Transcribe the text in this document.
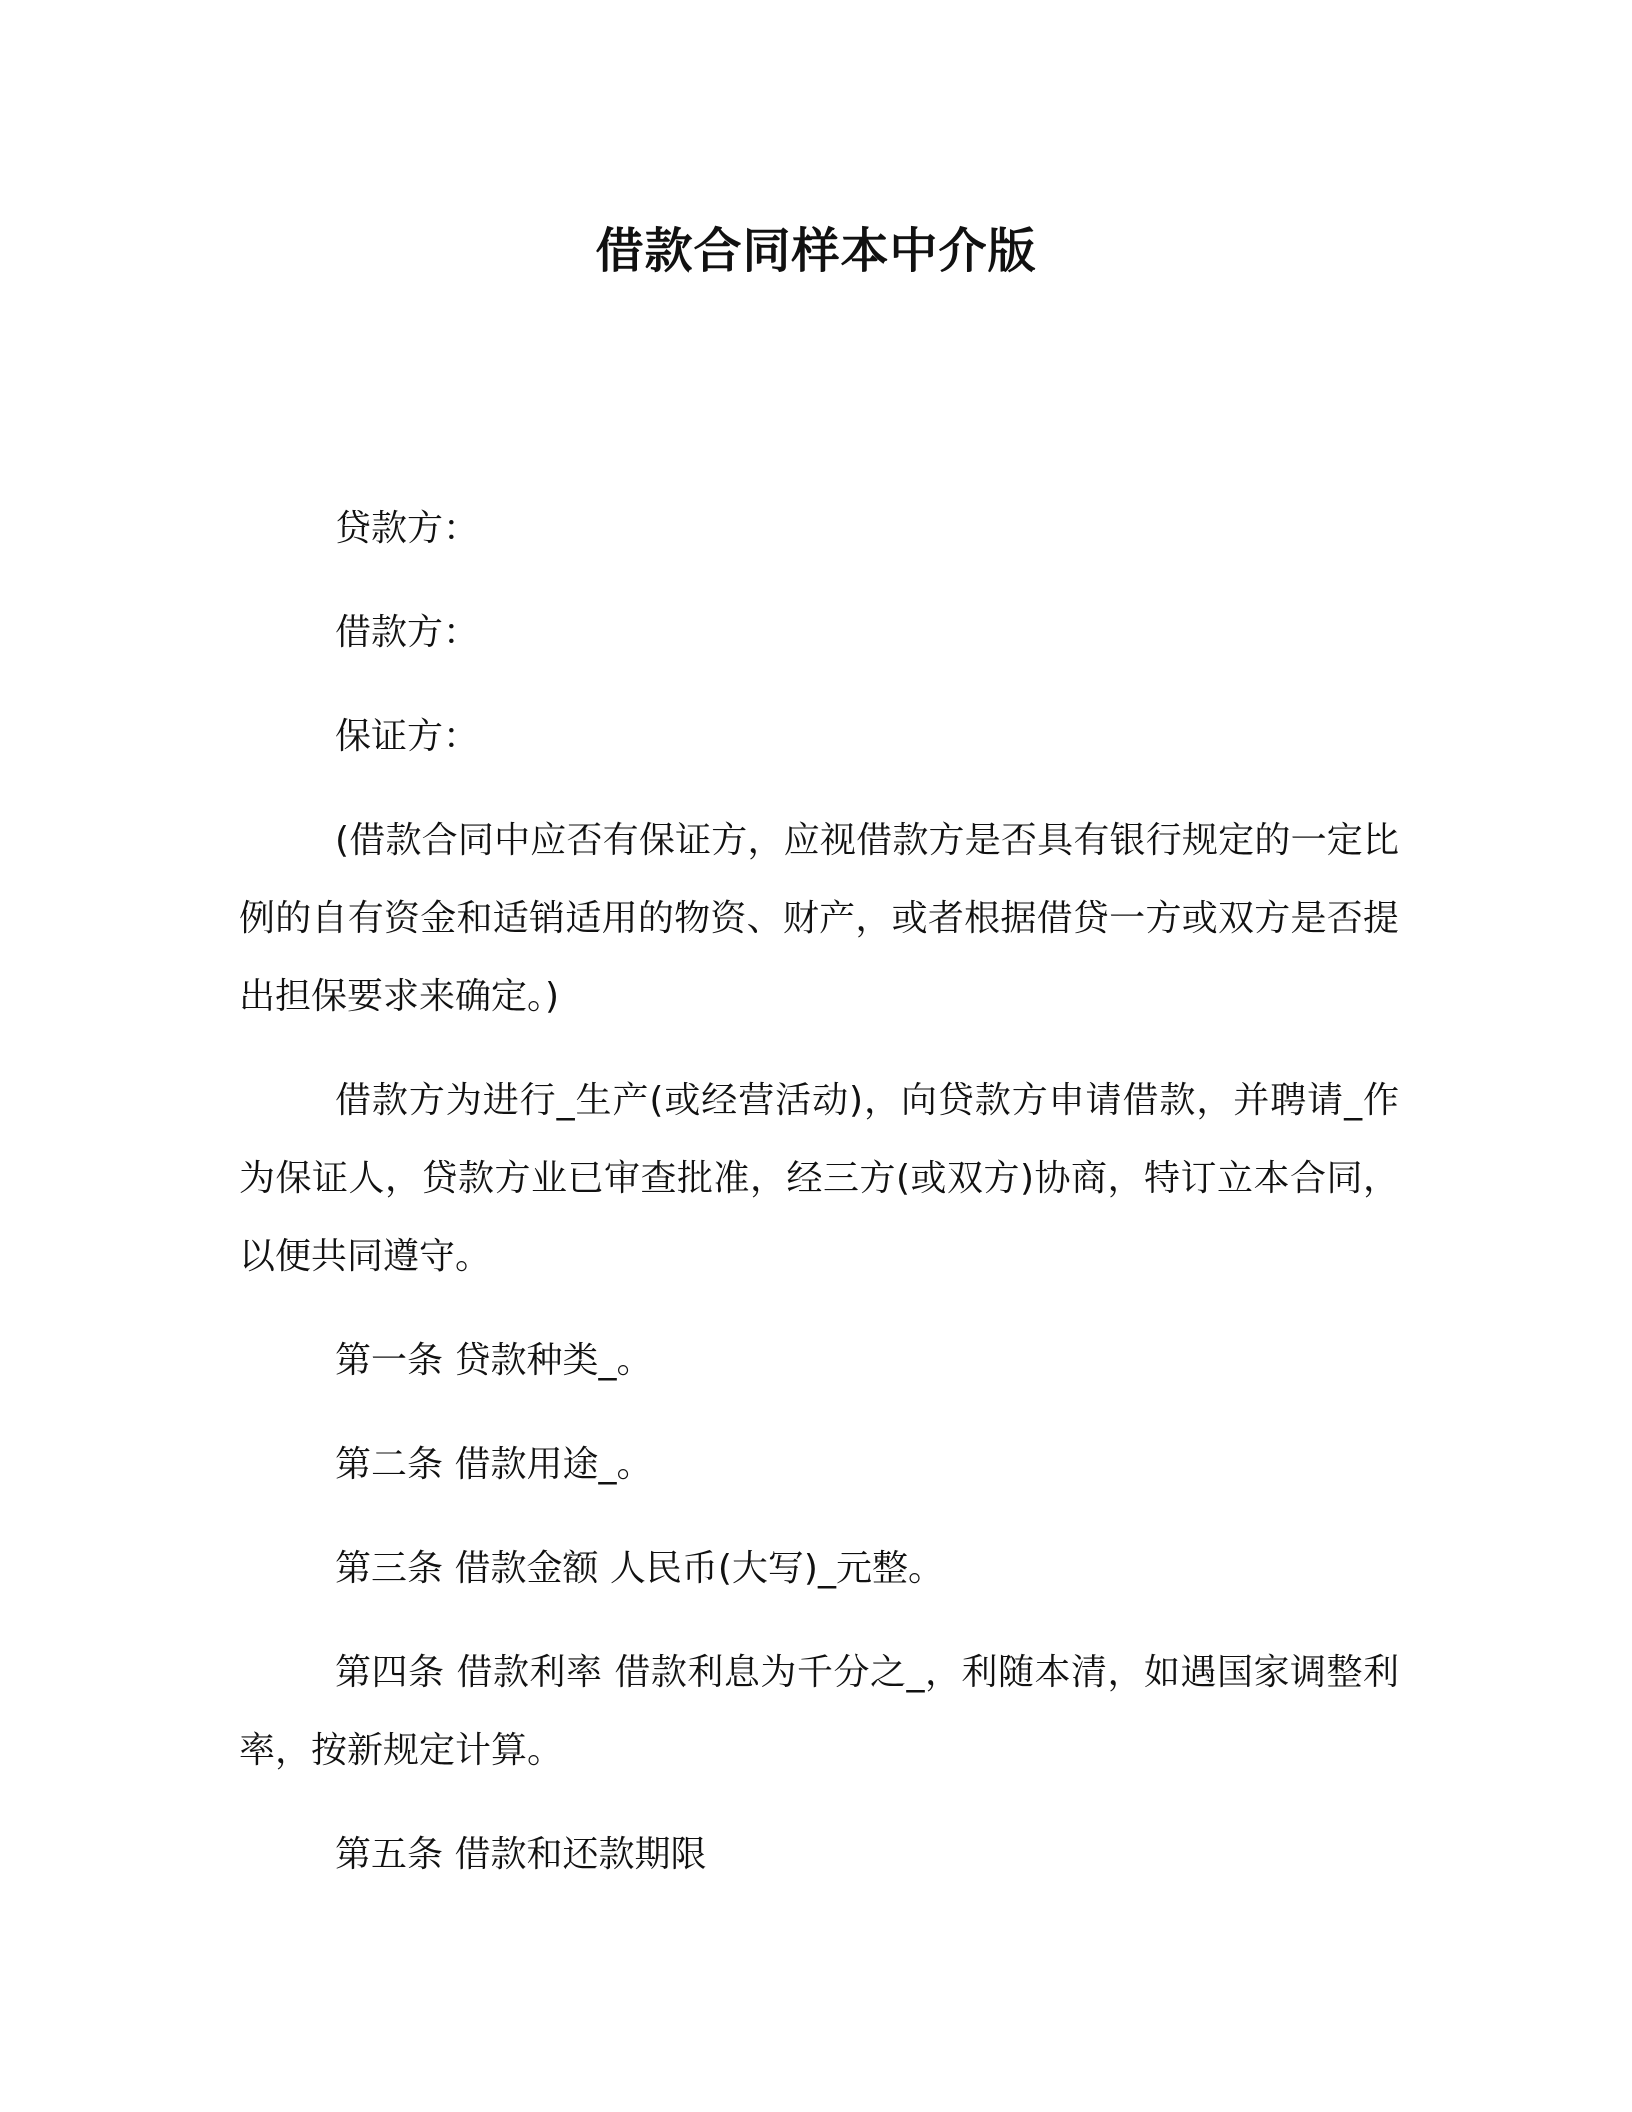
借款合同样本中介版

贷款方：

借款方：

保证方：

(借款合同中应否有保证方，应视借款方是否具有银行规定的一定比例的自有资金和适销适用的物资、财产，或者根据借贷一方或双方是否提出担保要求来确定。)

借款方为进行_生产(或经营活动)，向贷款方申请借款，并聘请_作为保证人，贷款方业已审查批准，经三方(或双方)协商，特订立本合同，以便共同遵守。

第一条 贷款种类_。

第二条 借款用途_。

第三条 借款金额 人民币(大写)_元整。

第四条 借款利率 借款利息为千分之_，利随本清，如遇国家调整利率，按新规定计算。

第五条 借款和还款期限
